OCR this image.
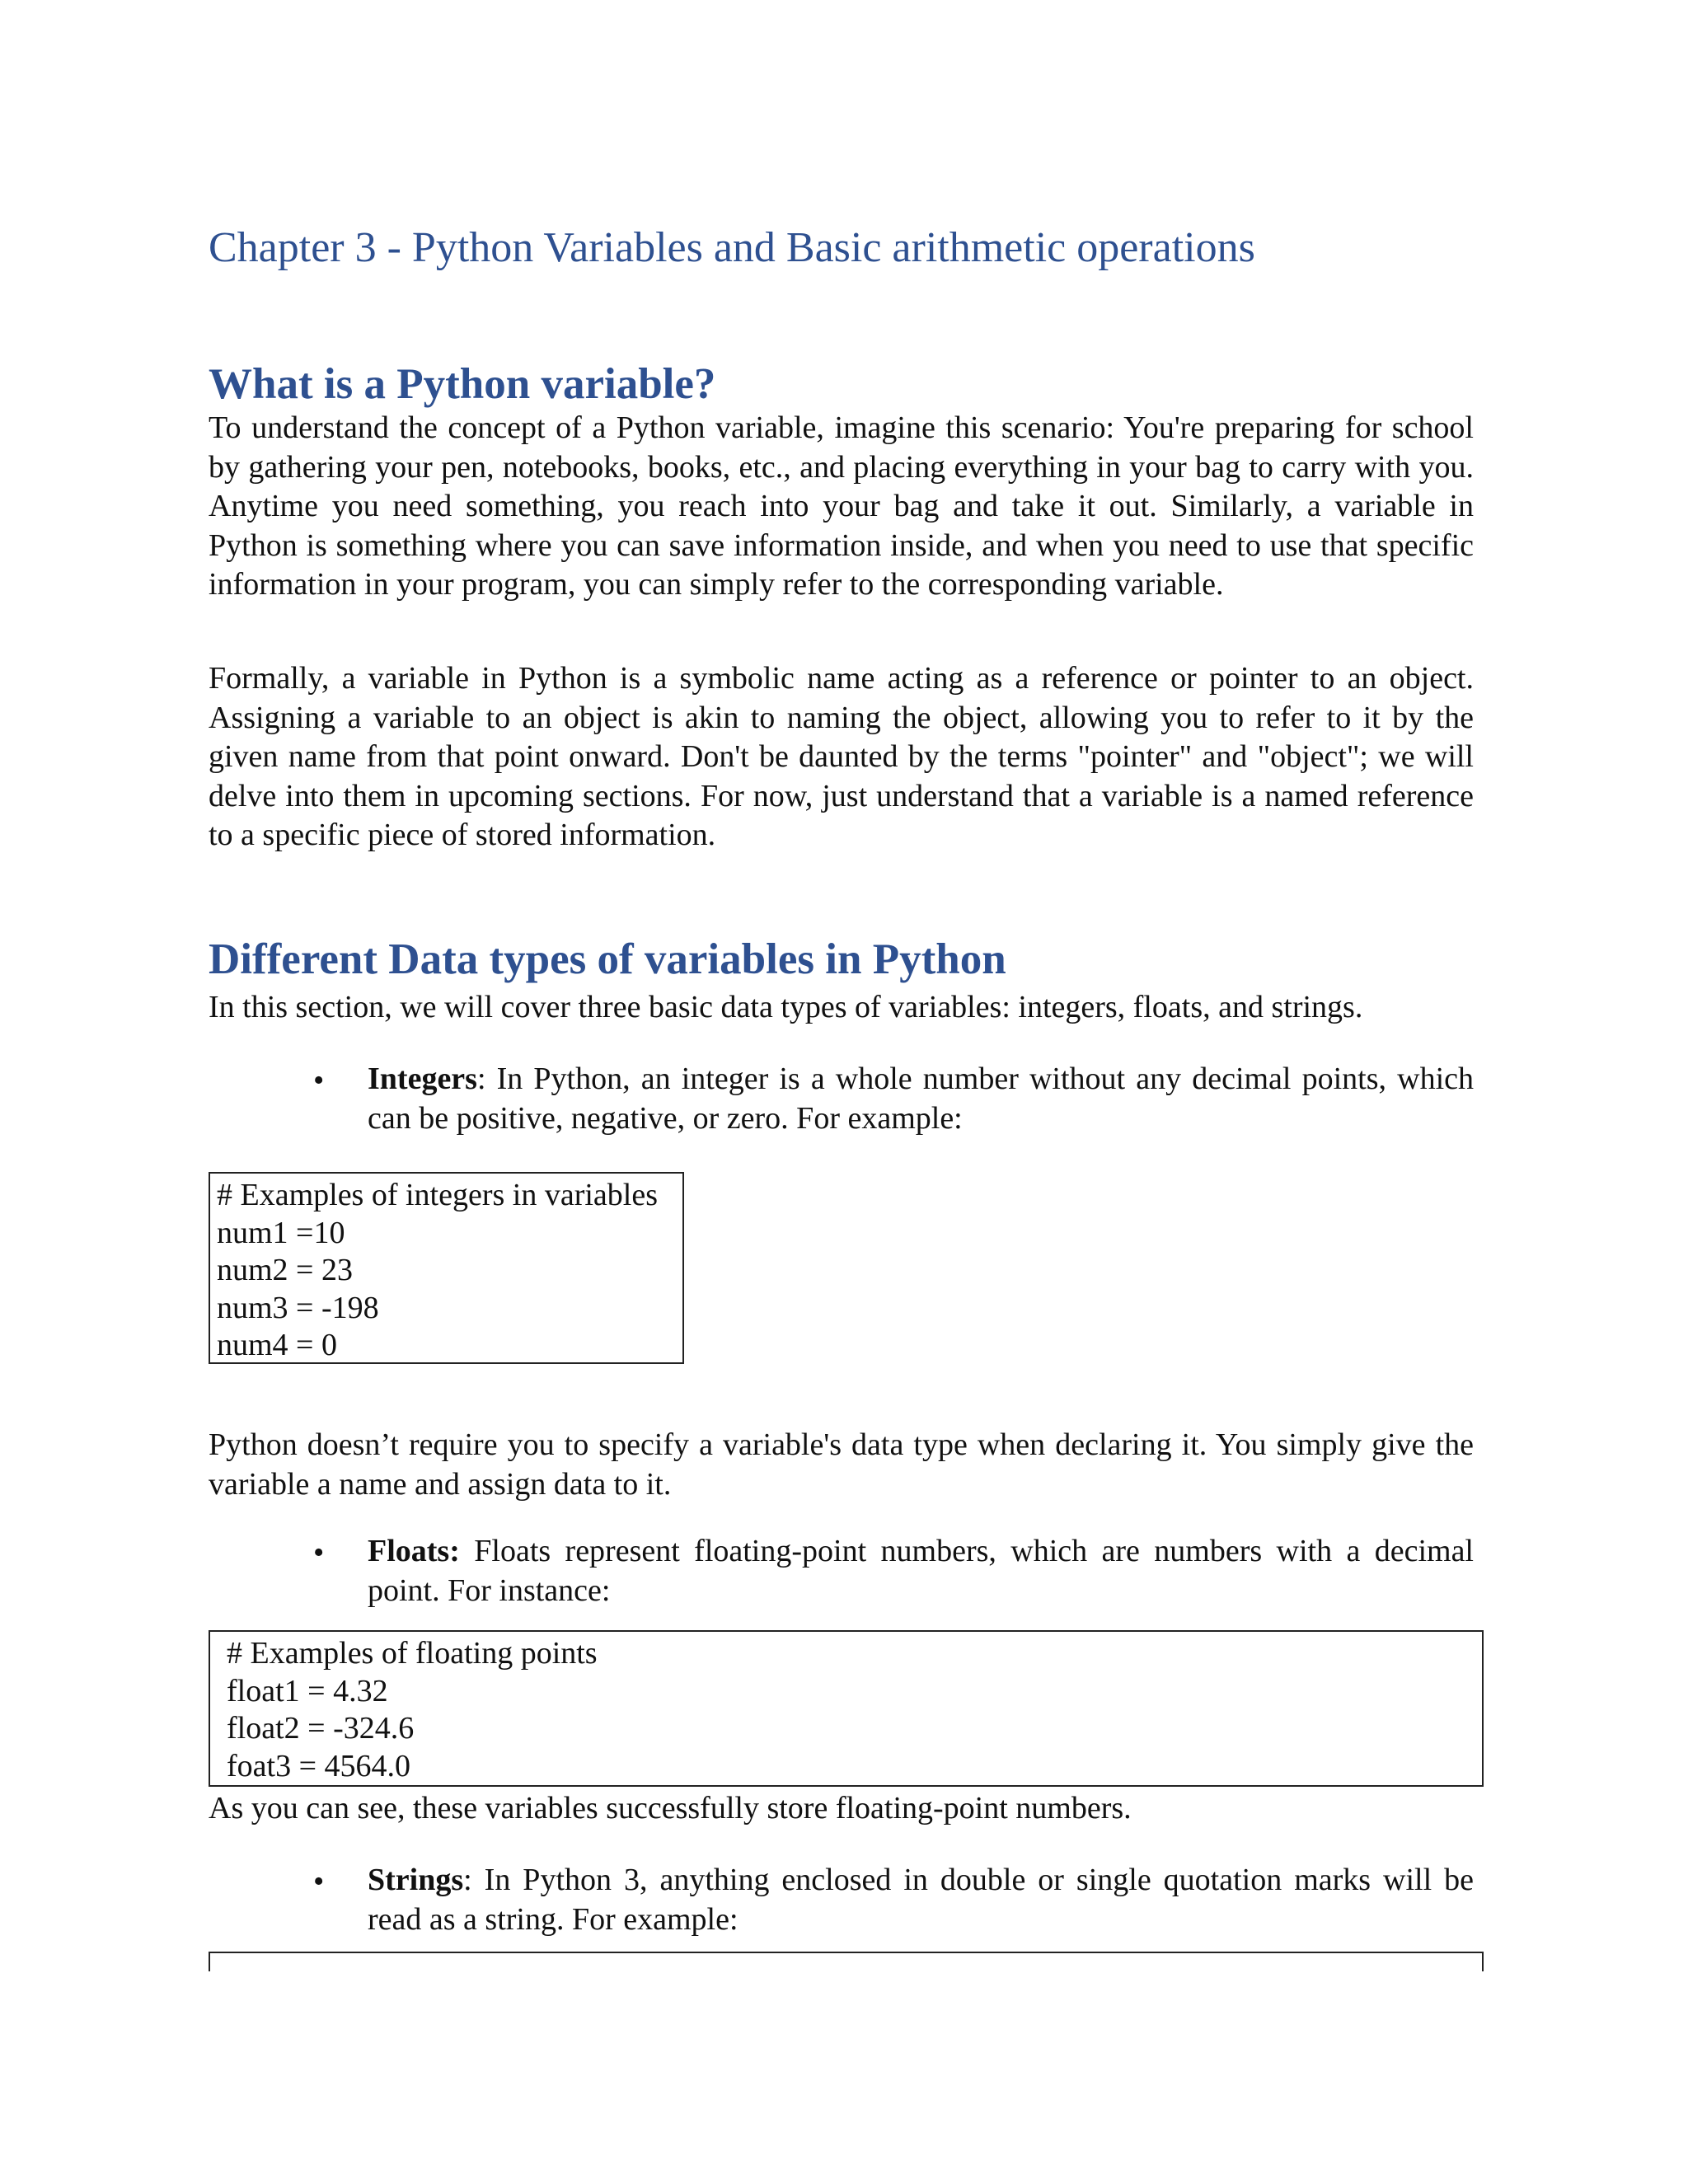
Chapter 3 - Python Variables and Basic arithmetic operations
What is a Python variable?

To understand the concept of a Python variable, imagine this scenario: You're preparing for school by gathering your pen, notebooks, books, etc., and placing everything in your bag to carry with you. Anytime you need something, you reach into your bag and take it out. Similarly, a variable in Python is something where you can save information inside, and when you need to use that specific information in your program, you can simply refer to the corresponding variable.

Formally, a variable in Python is a symbolic name acting as a reference or pointer to an object. Assigning a variable to an object is akin to naming the object, allowing you to refer to it by the given name from that point onward. Don't be daunted by the terms "pointer" and "object"; we will delve into them in upcoming sections. For now, just understand that a variable is a named reference to a specific piece of stored information.

Different Data types of variables in Python

In this section, we will cover three basic data types of variables: integers, floats, and strings.

• Integers: In Python, an integer is a whole number without any decimal points, which can be positive, negative, or zero. For example:

# Examples of integers in variables
num1 =10
num2 = 23
num3 = -198
num4 = 0

Python doesn’t require you to specify a variable's data type when declaring it. You simply give the variable a name and assign data to it.

• Floats: Floats represent floating-point numbers, which are numbers with a decimal point. For instance:

# Examples of floating points
float1 = 4.32
float2 = -324.6
foat3 = 4564.0

As you can see, these variables successfully store floating-point numbers.

• Strings: In Python 3, anything enclosed in double or single quotation marks will be read as a string. For example:
